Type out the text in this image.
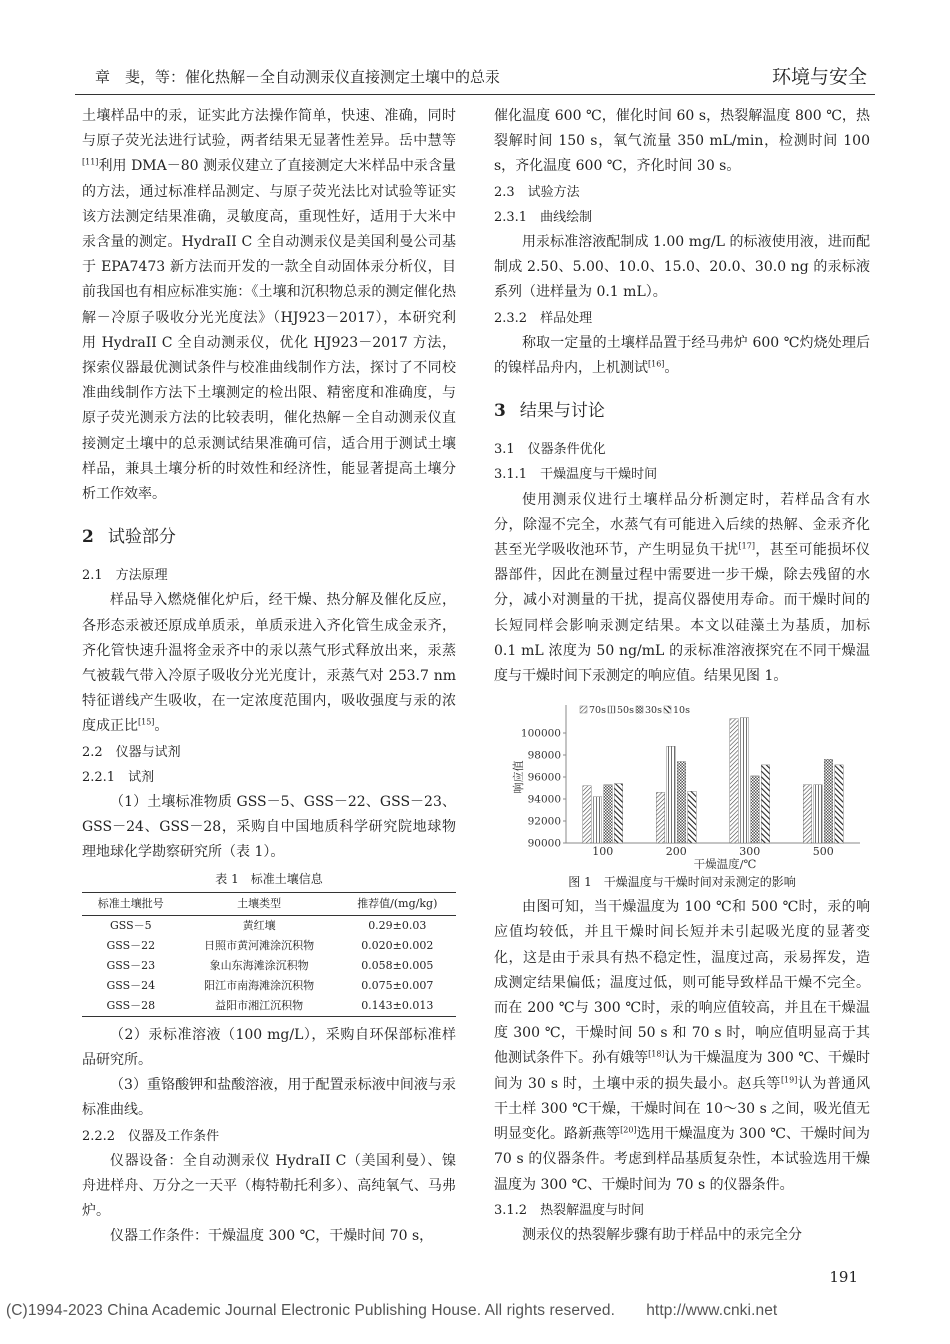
章　斐，等：催化热解－全自动测汞仪直接测定土壤中的总汞	环境与安全

土壤样品中的汞，证实此方法操作简单，快速、准确，同时与原子荧光法进行试验，两者结果无显著性差异。岳中慧等[11]利用 DMA－80 测汞仪建立了直接测定大米样品中汞含量的方法，通过标准样品测定、与原子荧光法比对试验等证实该方法测定结果准确，灵敏度高，重现性好，适用于大米中汞含量的测定。HydraII C 全自动测汞仪是美国利曼公司基于 EPA7473 新方法而开发的一款全自动固体汞分析仪，目前我国也有相应标准实施：《土壤和沉积物总汞的测定催化热解－冷原子吸收分光光度法》（HJ923－2017），本研究利用 HydraII C 全自动测汞仪，优化 HJ923－2017 方法，探索仪器最优测试条件与校准曲线制作方法，探讨了不同校准曲线制作方法下土壤测定的检出限、精密度和准确度，与原子荧光测汞方法的比较表明，催化热解－全自动测汞仪直接测定土壤中的总汞测试结果准确可信，适合用于测试土壤样品，兼具土壤分析的时效性和经济性，能显著提高土壤分析工作效率。

2 试验部分

2.1　方法原理

样品导入燃烧催化炉后，经干燥、热分解及催化反应，各形态汞被还原成单质汞，单质汞进入齐化管生成金汞齐，齐化管快速升温将金汞齐中的汞以蒸气形式释放出来，汞蒸气被载气带入冷原子吸收分光光度计，汞蒸气对 253.7 nm 特征谱线产生吸收，在一定浓度范围内，吸收强度与汞的浓度成正比[15]。

2.2　仪器与试剂

2.2.1　试剂

（1）土壤标准物质 GSS－5、GSS－22、GSS－23、GSS－24、GSS－28，采购自中国地质科学研究院地球物理地球化学勘察研究所（表 1）。

表 1　标准土壤信息
标准土壤批号	土壤类型	推荐值/(mg/kg)
GSS－5	黄红壤	0.29±0.03
GSS－22	日照市黄河滩涂沉积物	0.020±0.002
GSS－23	象山东海滩涂沉积物	0.058±0.005
GSS－24	阳江市南海滩涂沉积物	0.075±0.007
GSS－28	益阳市湘江沉积物	0.143±0.013

（2）汞标准溶液（100 mg/L），采购自环保部标准样品研究所。

（3）重铬酸钾和盐酸溶液，用于配置汞标液中间液与汞标准曲线。

2.2.2　仪器及工作条件

仪器设备：全自动测汞仪 HydraII C（美国利曼）、镍舟进样舟、万分之一天平（梅特勒托利多）、高纯氧气、马弗炉。

仪器工作条件：干燥温度 300 ℃，干燥时间 70 s，

催化温度 600 ℃，催化时间 60 s，热裂解温度 800 ℃，热裂解时间 150 s，氧气流量 350 mL/min，检测时间 100 s，齐化温度 600 ℃，齐化时间 30 s。

2.3　试验方法

2.3.1　曲线绘制

用汞标准溶液配制成 1.00 mg/L 的标液使用液，进而配制成 2.50、5.00、10.0、15.0、20.0、30.0 ng 的汞标液系列（进样量为 0.1 mL）。

2.3.2　样品处理

称取一定量的土壤样品置于经马弗炉 600 ℃灼烧处理后的镍样品舟内，上机测试[16]。

3 结果与讨论

3.1　仪器条件优化

3.1.1　干燥温度与干燥时间

使用测汞仪进行土壤样品分析测定时，若样品含有水分，除湿不完全，水蒸气有可能进入后续的热解、金汞齐化甚至光学吸收池环节，产生明显负干扰[17]，甚至可能损坏仪器部件，因此在测量过程中需要进一步干燥，除去残留的水分，减小对测量的干扰，提高仪器使用寿命。而干燥时间的长短同样会影响汞测定结果。本文以硅藻土为基质，加标 0.1 mL 浓度为 50 ng/mL 的汞标准溶液探究在不同干燥温度与干燥时间下汞测定的响应值。结果见图 1。

90000
92000
94000
96000
98000
100000
响应值
100	200	300	500
干燥温度/℃
70s 50s 30s 10s
图 1　干燥温度与干燥时间对汞测定的影响

由图可知，当干燥温度为 100 ℃和 500 ℃时，汞的响应值均较低，并且干燥时间长短并未引起吸光度的显著变化，这是由于汞具有热不稳定性，温度过高，汞易挥发，造成测定结果偏低；温度过低，则可能导致样品干燥不完全。而在 200 ℃与 300 ℃时，汞的响应值较高，并且在干燥温度 300 ℃，干燥时间 50 s 和 70 s 时，响应值明显高于其他测试条件下。孙有娥等[18]认为干燥温度为 300 ℃、干燥时间为 30 s 时，土壤中汞的损失最小。赵兵等[19]认为普通风干土样 300 ℃干燥，干燥时间在 10～30 s 之间，吸光值无明显变化。路新燕等[20]选用干燥温度为 300 ℃、干燥时间为 70 s 的仪器条件。考虑到样品基质复杂性，本试验选用干燥温度为 300 ℃、干燥时间为 70 s 的仪器条件。

3.1.2　热裂解温度与时间

测汞仪的热裂解步骤有助于样品中的汞完全分

191
(C)1994-2023 China Academic Journal Electronic Publishing House. All rights reserved.　　http://www.cnki.net
